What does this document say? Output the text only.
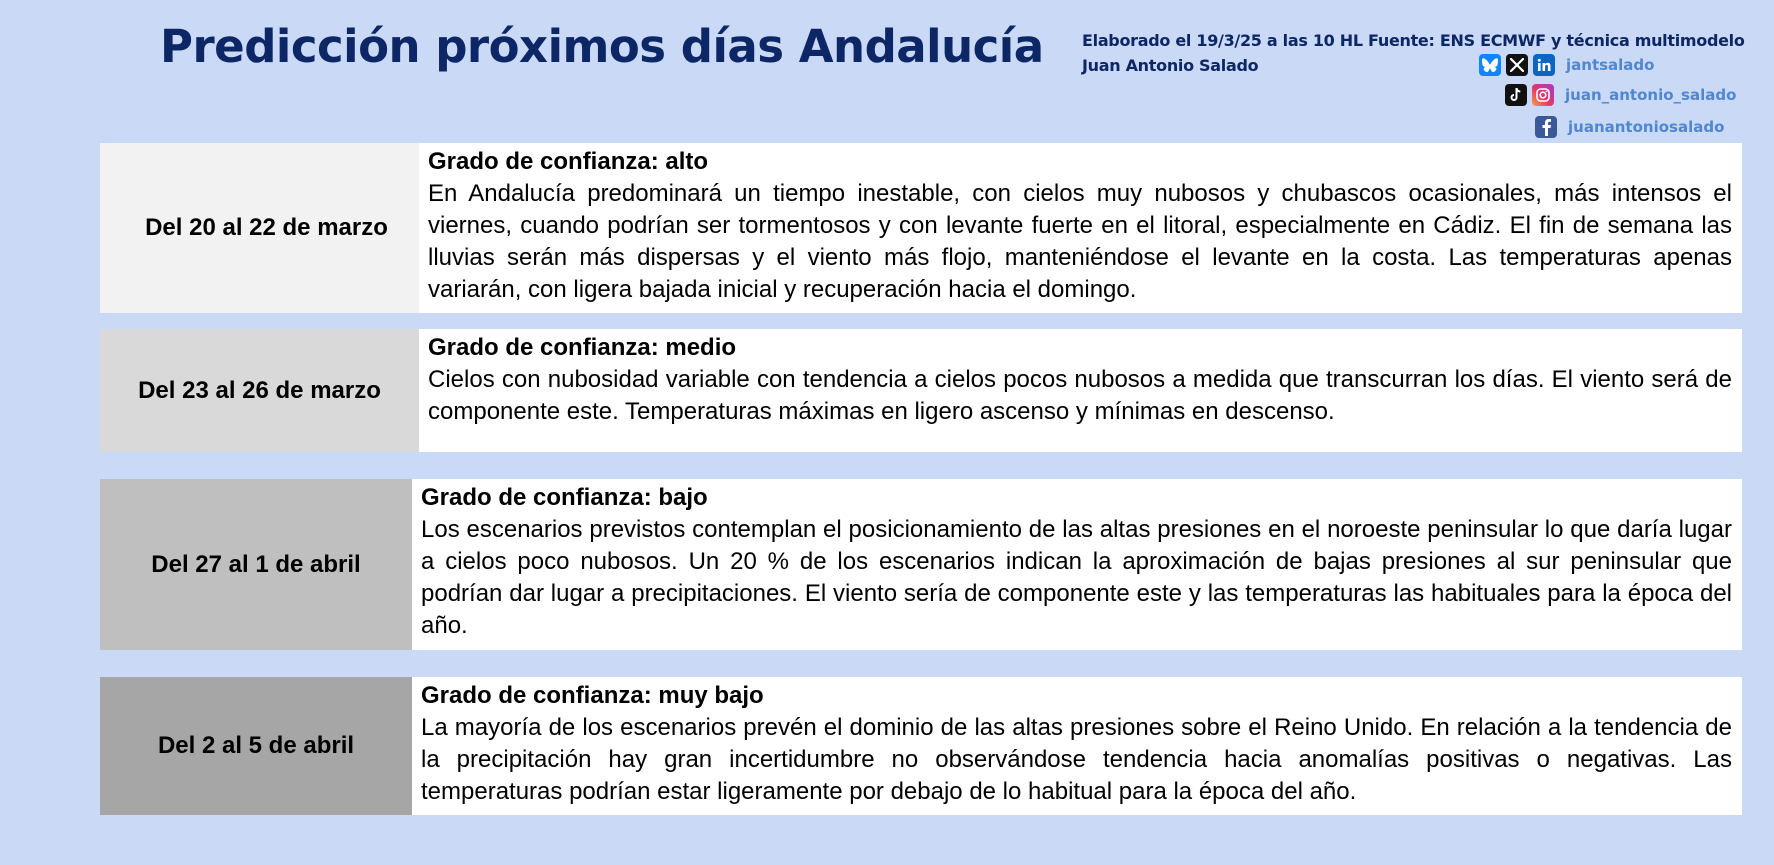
Predicción próximos días Andalucía Elaborado el 19/3/25 a las 10 HL Fuente: ENS ECMWF y técnica multimodelo
Juan Antonio Salado	jantsalado
juan_antonio_salado
juanantoniosalado
Del 20 al 22 de marzo
Grado de confianza: alto
En Andalucía predominará un tiempo inestable, con cielos muy nubosos y chubascos ocasionales, más intensos el viernes, cuando podrían ser tormentosos y con levante fuerte en el litoral, especialmente en Cádiz. El fin de semana las lluvias serán más dispersas y el viento más flojo, manteniéndose el levante en la costa. Las temperaturas apenas variarán, con ligera bajada inicial y recuperación hacia el domingo.
Del 23 al 26 de marzo
Grado de confianza: medio
Cielos con nubosidad variable con tendencia a cielos pocos nubosos a medida que transcurran los días. El viento será de componente este. Temperaturas máximas en ligero ascenso y mínimas en descenso.
Del 27 al 1 de abril
Grado de confianza: bajo
Los escenarios previstos contemplan el posicionamiento de las altas presiones en el noroeste peninsular lo que daría lugar a cielos poco nubosos. Un 20 % de los escenarios indican la aproximación de bajas presiones al sur peninsular que podrían dar lugar a precipitaciones. El viento sería de componente este y las temperaturas las habituales para la época del año.
Del 2 al 5 de abril
Grado de confianza: muy bajo
La mayoría de los escenarios prevén el dominio de las altas presiones sobre el Reino Unido. En relación a la tendencia de la precipitación hay gran incertidumbre no observándose tendencia hacia anomalías positivas o negativas. Las temperaturas podrían estar ligeramente por debajo de lo habitual para la época del año.
